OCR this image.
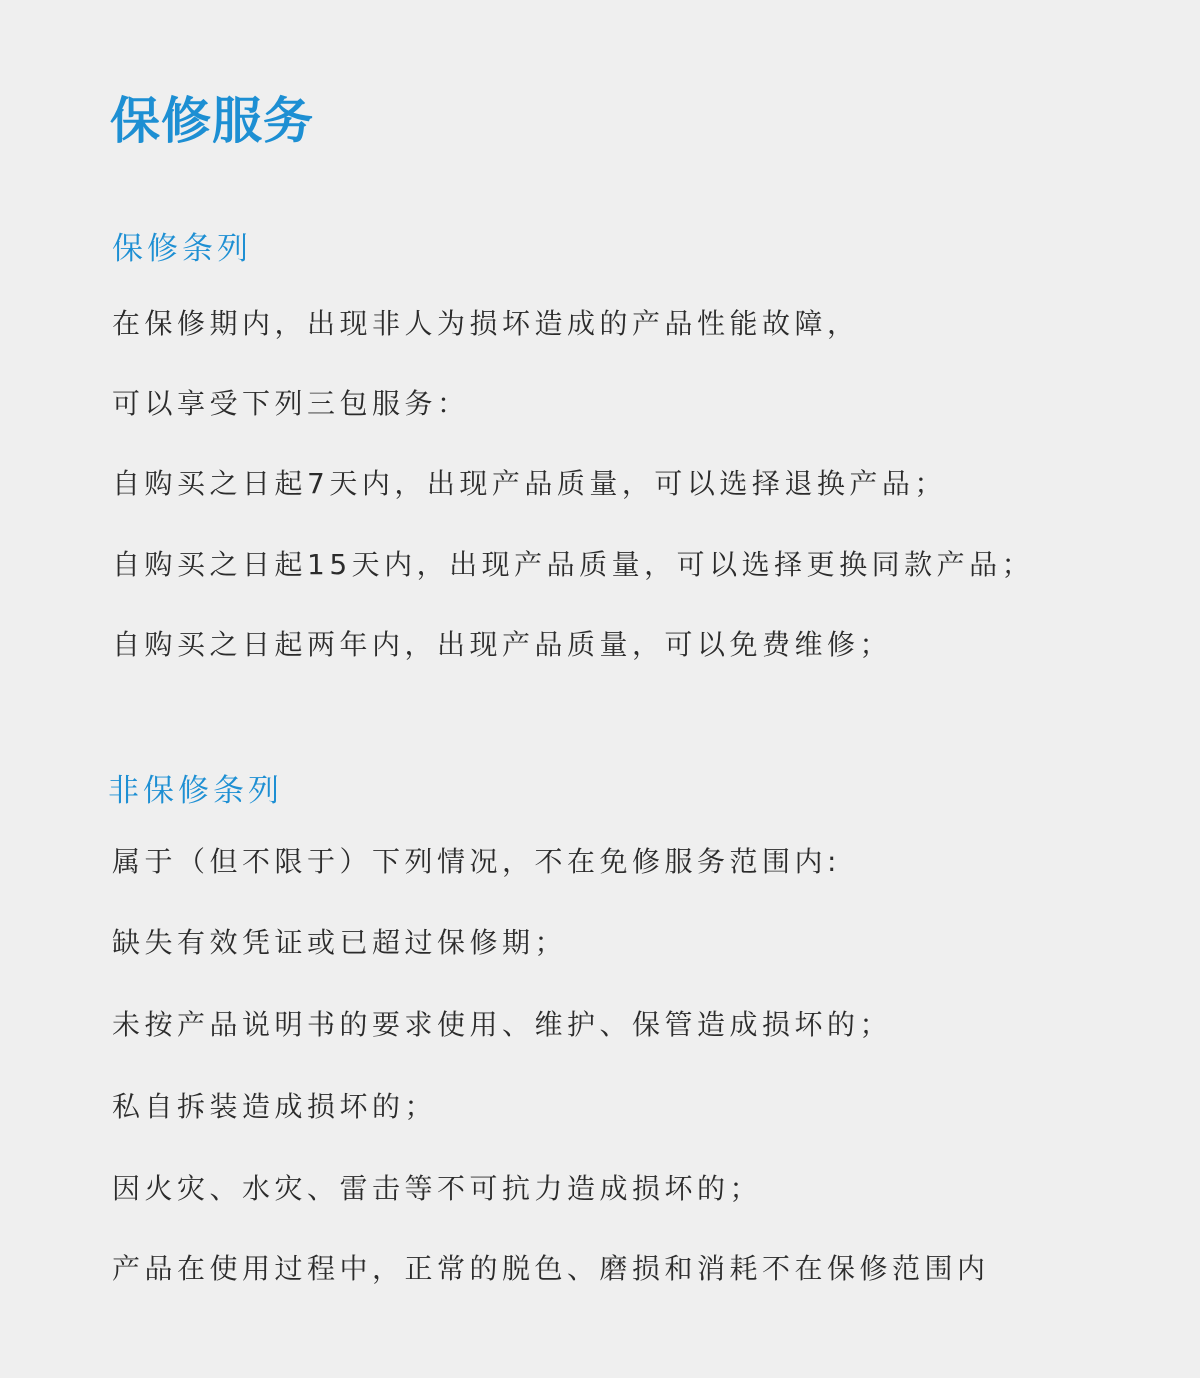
保修服务
保修条列

在保修期内，出现非人为损坏造成的产品性能故障，

可以享受下列三包服务：

自购买之日起7天内，出现产品质量，可以选择退换产品；

自购买之日起15天内，出现产品质量，可以选择更换同款产品；

自购买之日起两年内，出现产品质量，可以免费维修；

非保修条列

属于（但不限于）下列情况，不在免修服务范围内:

缺失有效凭证或已超过保修期；

未按产品说明书的要求使用、维护、保管造成损坏的；

私自拆装造成损坏的；

因火灾、水灾、雷击等不可抗力造成损坏的；

产品在使用过程中，正常的脱色、磨损和消耗不在保修范围内
